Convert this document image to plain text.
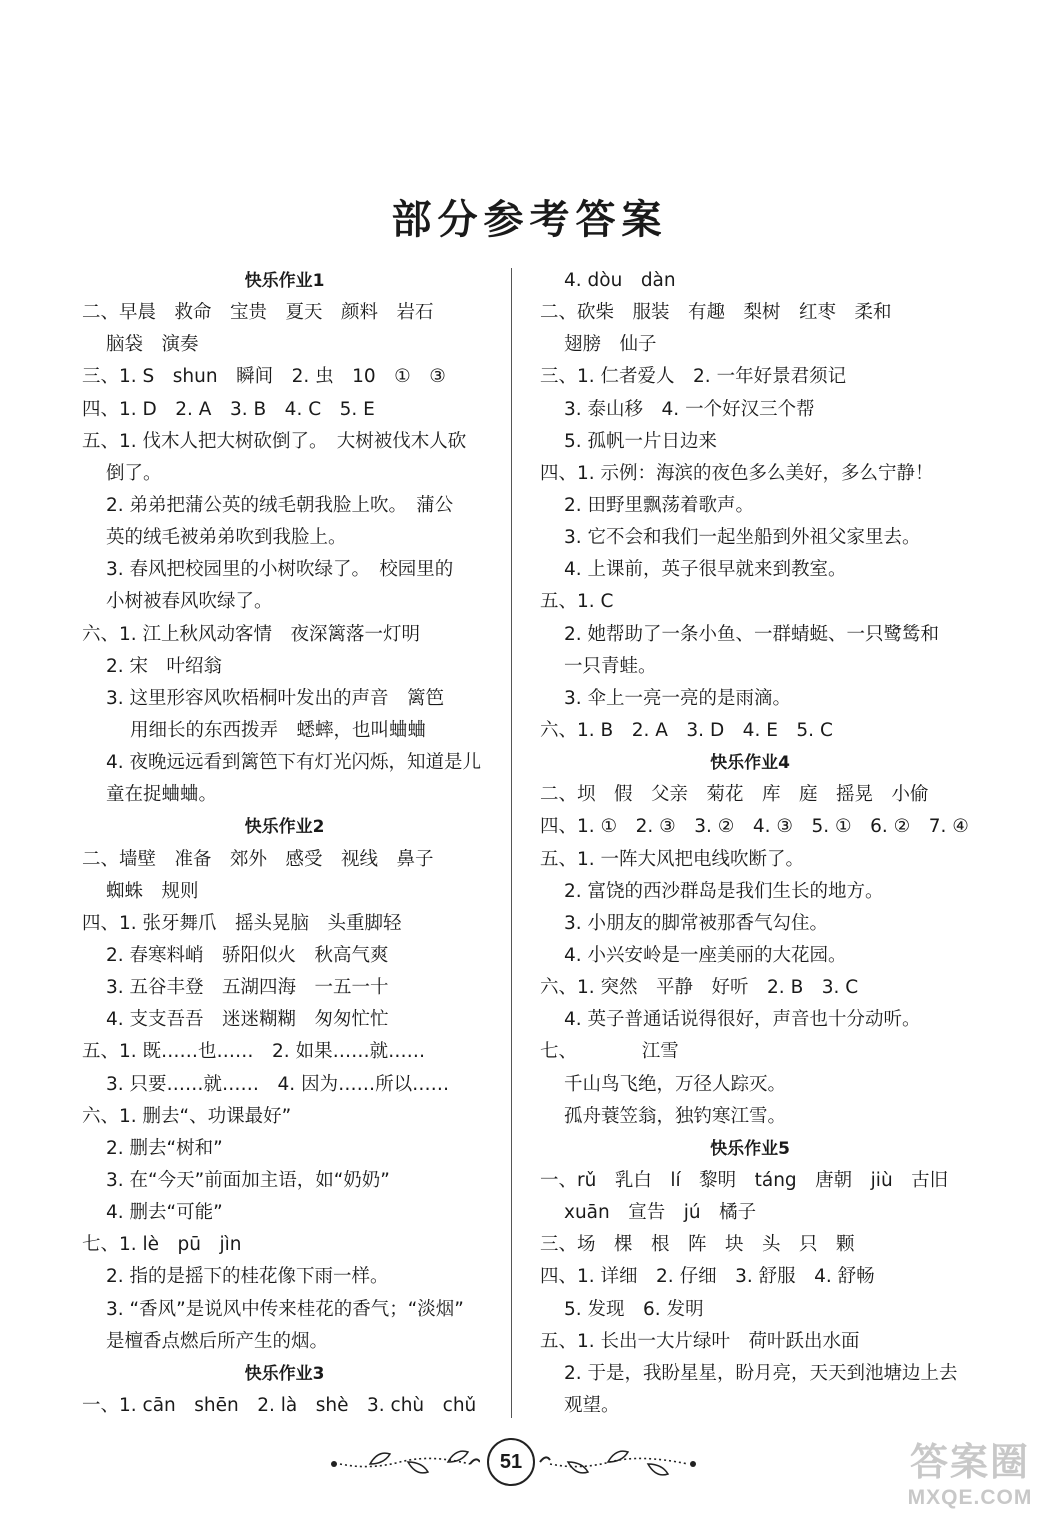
部分参考答案
快乐作业1
二、早晨　救命　宝贵　夏天　颜料　岩石
脑袋　演奏
三、1. S　shun　瞬间　2. 虫　10　①　③
四、1. D　2. A　3. B　4. C　5. E
五、1. 伐木人把大树砍倒了。　大树被伐木人砍
倒了。
2. 弟弟把蒲公英的绒毛朝我脸上吹。　蒲公
英的绒毛被弟弟吹到我脸上。
3. 春风把校园里的小树吹绿了。　校园里的
小树被春风吹绿了。
六、1. 江上秋风动客情　夜深篱落一灯明
2. 宋　叶绍翁
3. 这里形容风吹梧桐叶发出的声音　篱笆
用细长的东西拨弄　蟋蟀，也叫蛐蛐
4. 夜晚远远看到篱笆下有灯光闪烁，知道是儿
童在捉蛐蛐。
快乐作业2
二、墙壁　准备　郊外　感受　视线　鼻子
蜘蛛　规则
四、1. 张牙舞爪　摇头晃脑　头重脚轻
2. 春寒料峭　骄阳似火　秋高气爽
3. 五谷丰登　五湖四海　一五一十
4. 支支吾吾　迷迷糊糊　匆匆忙忙
五、1. 既……也……　2. 如果……就……
3. 只要……就……　4. 因为……所以……
六、1. 删去“、功课最好”
2. 删去“树和”
3. 在“今天”前面加主语，如“奶奶”
4. 删去“可能”
七、1. lè　pū　jìn
2. 指的是摇下的桂花像下雨一样。
3. “香风”是说风中传来桂花的香气；“淡烟”
是檀香点燃后所产生的烟。
快乐作业3
一、1. cān　shēn　2. là　shè　3. chù　chǔ
4. dòu　dàn
二、砍柴　服装　有趣　梨树　红枣　柔和
翅膀　仙子
三、1. 仁者爱人　2. 一年好景君须记
3. 泰山移　4. 一个好汉三个帮
5. 孤帆一片日边来
四、1. 示例：海滨的夜色多么美好，多么宁静！
2. 田野里飘荡着歌声。
3. 它不会和我们一起坐船到外祖父家里去。
4. 上课前，英子很早就来到教室。
五、1. C
2. 她帮助了一条小鱼、一群蜻蜓、一只鹭鸶和
一只青蛙。
3. 伞上一亮一亮的是雨滴。
六、1. B　2. A　3. D　4. E　5. C
快乐作业4
二、坝　假　父亲　菊花　库　庭　摇晃　小偷
四、1. ①　2. ③　3. ②　4. ③　5. ①　6. ②　7. ④
五、1. 一阵大风把电线吹断了。
2. 富饶的西沙群岛是我们生长的地方。
3. 小朋友的脚常被那香气勾住。
4. 小兴安岭是一座美丽的大花园。
六、1. 突然　平静　好听　2. B　3. C
4. 英子普通话说得很好，声音也十分动听。
七、　　　　江雪
千山鸟飞绝，万径人踪灭。
孤舟蓑笠翁，独钓寒江雪。
快乐作业5
一、rǔ　乳白　lí　黎明　táng　唐朝　jiù　古旧
xuān　宣告　jú　橘子
三、场　棵　根　阵　块　头　只　颗
四、1. 详细　2. 仔细　3. 舒服　4. 舒畅
5. 发现　6. 发明
五、1. 长出一大片绿叶　荷叶跃出水面
2. 于是，我盼星星，盼月亮，天天到池塘边上去
观望。
51	答案圈
MXQE.COM
